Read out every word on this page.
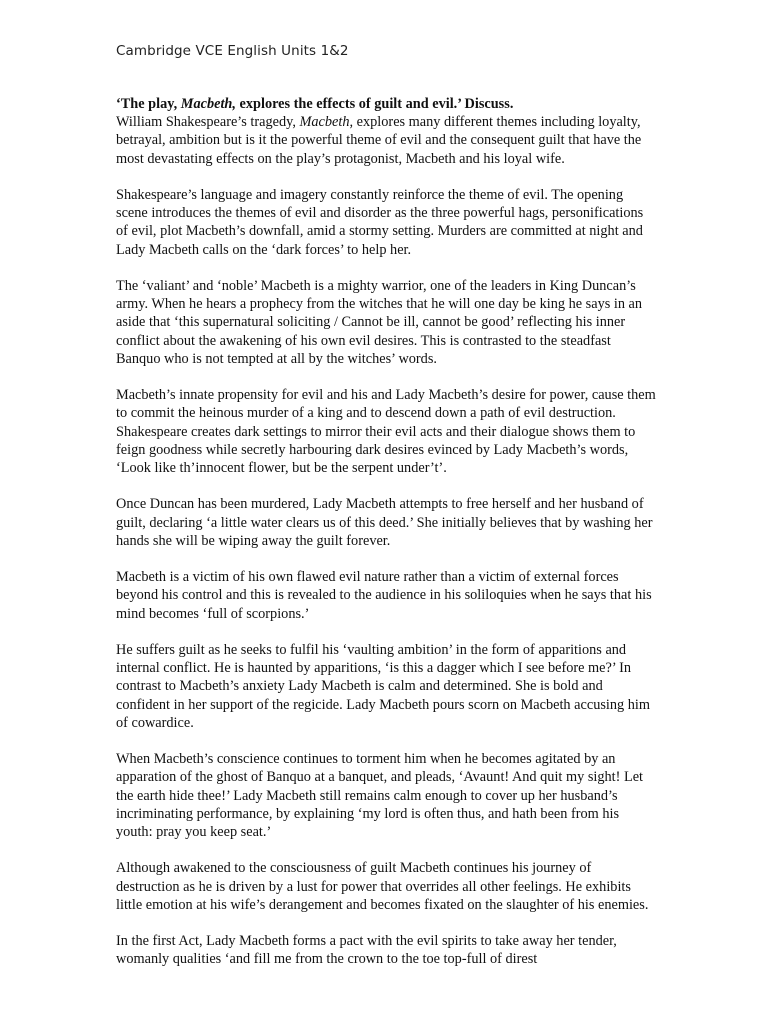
Cambridge VCE English Units 1&2
‘The play, Macbeth, explores the effects of guilt and evil.’ Discuss.
William Shakespeare’s tragedy, Macbeth, explores many different themes including loyalty, betrayal, ambition but is it the powerful theme of evil and the consequent guilt that have the most devastating effects on the play’s protagonist, Macbeth and his loyal wife.

Shakespeare’s language and imagery constantly reinforce the theme of evil. The opening scene introduces the themes of evil and disorder as the three powerful hags, personifications of evil, plot Macbeth’s downfall, amid a stormy setting. Murders are committed at night and Lady Macbeth calls on the ‘dark forces’ to help her.

The ‘valiant’ and ‘noble’ Macbeth is a mighty warrior, one of the leaders in King Duncan’s army. When he hears a prophecy from the witches that he will one day be king he says in an aside that ‘this supernatural soliciting / Cannot be ill, cannot be good’ reflecting his inner conflict about the awakening of his own evil desires. This is contrasted to the steadfast Banquo who is not tempted at all by the witches’ words.

Macbeth’s innate propensity for evil and his and Lady Macbeth’s desire for power, cause them to commit the heinous murder of a king and to descend down a path of evil destruction. Shakespeare creates dark settings to mirror their evil acts and their dialogue shows them to feign goodness while secretly harbouring dark desires evinced by Lady Macbeth’s words, ‘Look like th’innocent flower, but be the serpent under’t’.

Once Duncan has been murdered, Lady Macbeth attempts to free herself and her husband of guilt, declaring ‘a little water clears us of this deed.’ She initially believes that by washing her hands she will be wiping away the guilt forever.

Macbeth is a victim of his own flawed evil nature rather than a victim of external forces beyond his control and this is revealed to the audience in his soliloquies when he says that his mind becomes ‘full of scorpions.’

He suffers guilt as he seeks to fulfil his ‘vaulting ambition’ in the form of apparitions and internal conflict. He is haunted by apparitions, ‘is this a dagger which I see before me?’ In contrast to Macbeth’s anxiety Lady Macbeth is calm and determined. She is bold and confident in her support of the regicide. Lady Macbeth pours scorn on Macbeth accusing him of cowardice.

When Macbeth’s conscience continues to torment him when he becomes agitated by an apparation of the ghost of Banquo at a banquet, and pleads, ‘Avaunt! And quit my sight! Let the earth hide thee!’ Lady Macbeth still remains calm enough to cover up her husband’s incriminating performance, by explaining ‘my lord is often thus, and hath been from his youth: pray you keep seat.’

Although awakened to the consciousness of guilt Macbeth continues his journey of destruction as he is driven by a lust for power that overrides all other feelings. He exhibits little emotion at his wife’s derangement and becomes fixated on the slaughter of his enemies.

In the first Act, Lady Macbeth forms a pact with the evil spirits to take away her tender, womanly qualities ‘and fill me from the crown to the toe top-full of direst
